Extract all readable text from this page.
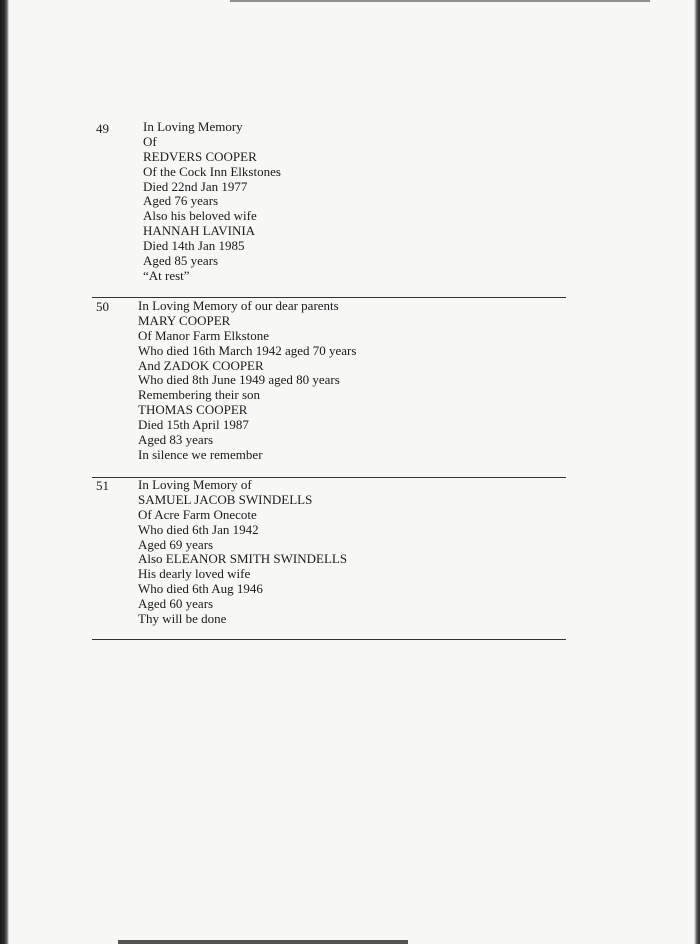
49	In Loving Memory
Of
REDVERS COOPER
Of the Cock Inn Elkstones
Died 22nd Jan 1977
Aged 76 years
Also his beloved wife
HANNAH LAVINIA
Died 14th Jan 1985
Aged 85 years
“At rest”
50 In Loving Memory of our dear parents
MARY COOPER
Of Manor Farm Elkstone
Who died 16th March 1942 aged 70 years
And ZADOK COOPER
Who died 8th June 1949 aged 80 years
Remembering their son
THOMAS COOPER
Died 15th April 1987
Aged 83 years
In silence we remember
51 In Loving Memory of
SAMUEL JACOB SWINDELLS
Of Acre Farm Onecote
Who died 6th Jan 1942
Aged 69 years
Also ELEANOR SMITH SWINDELLS
His dearly loved wife
Who died 6th Aug 1946
Aged 60 years
Thy will be done
